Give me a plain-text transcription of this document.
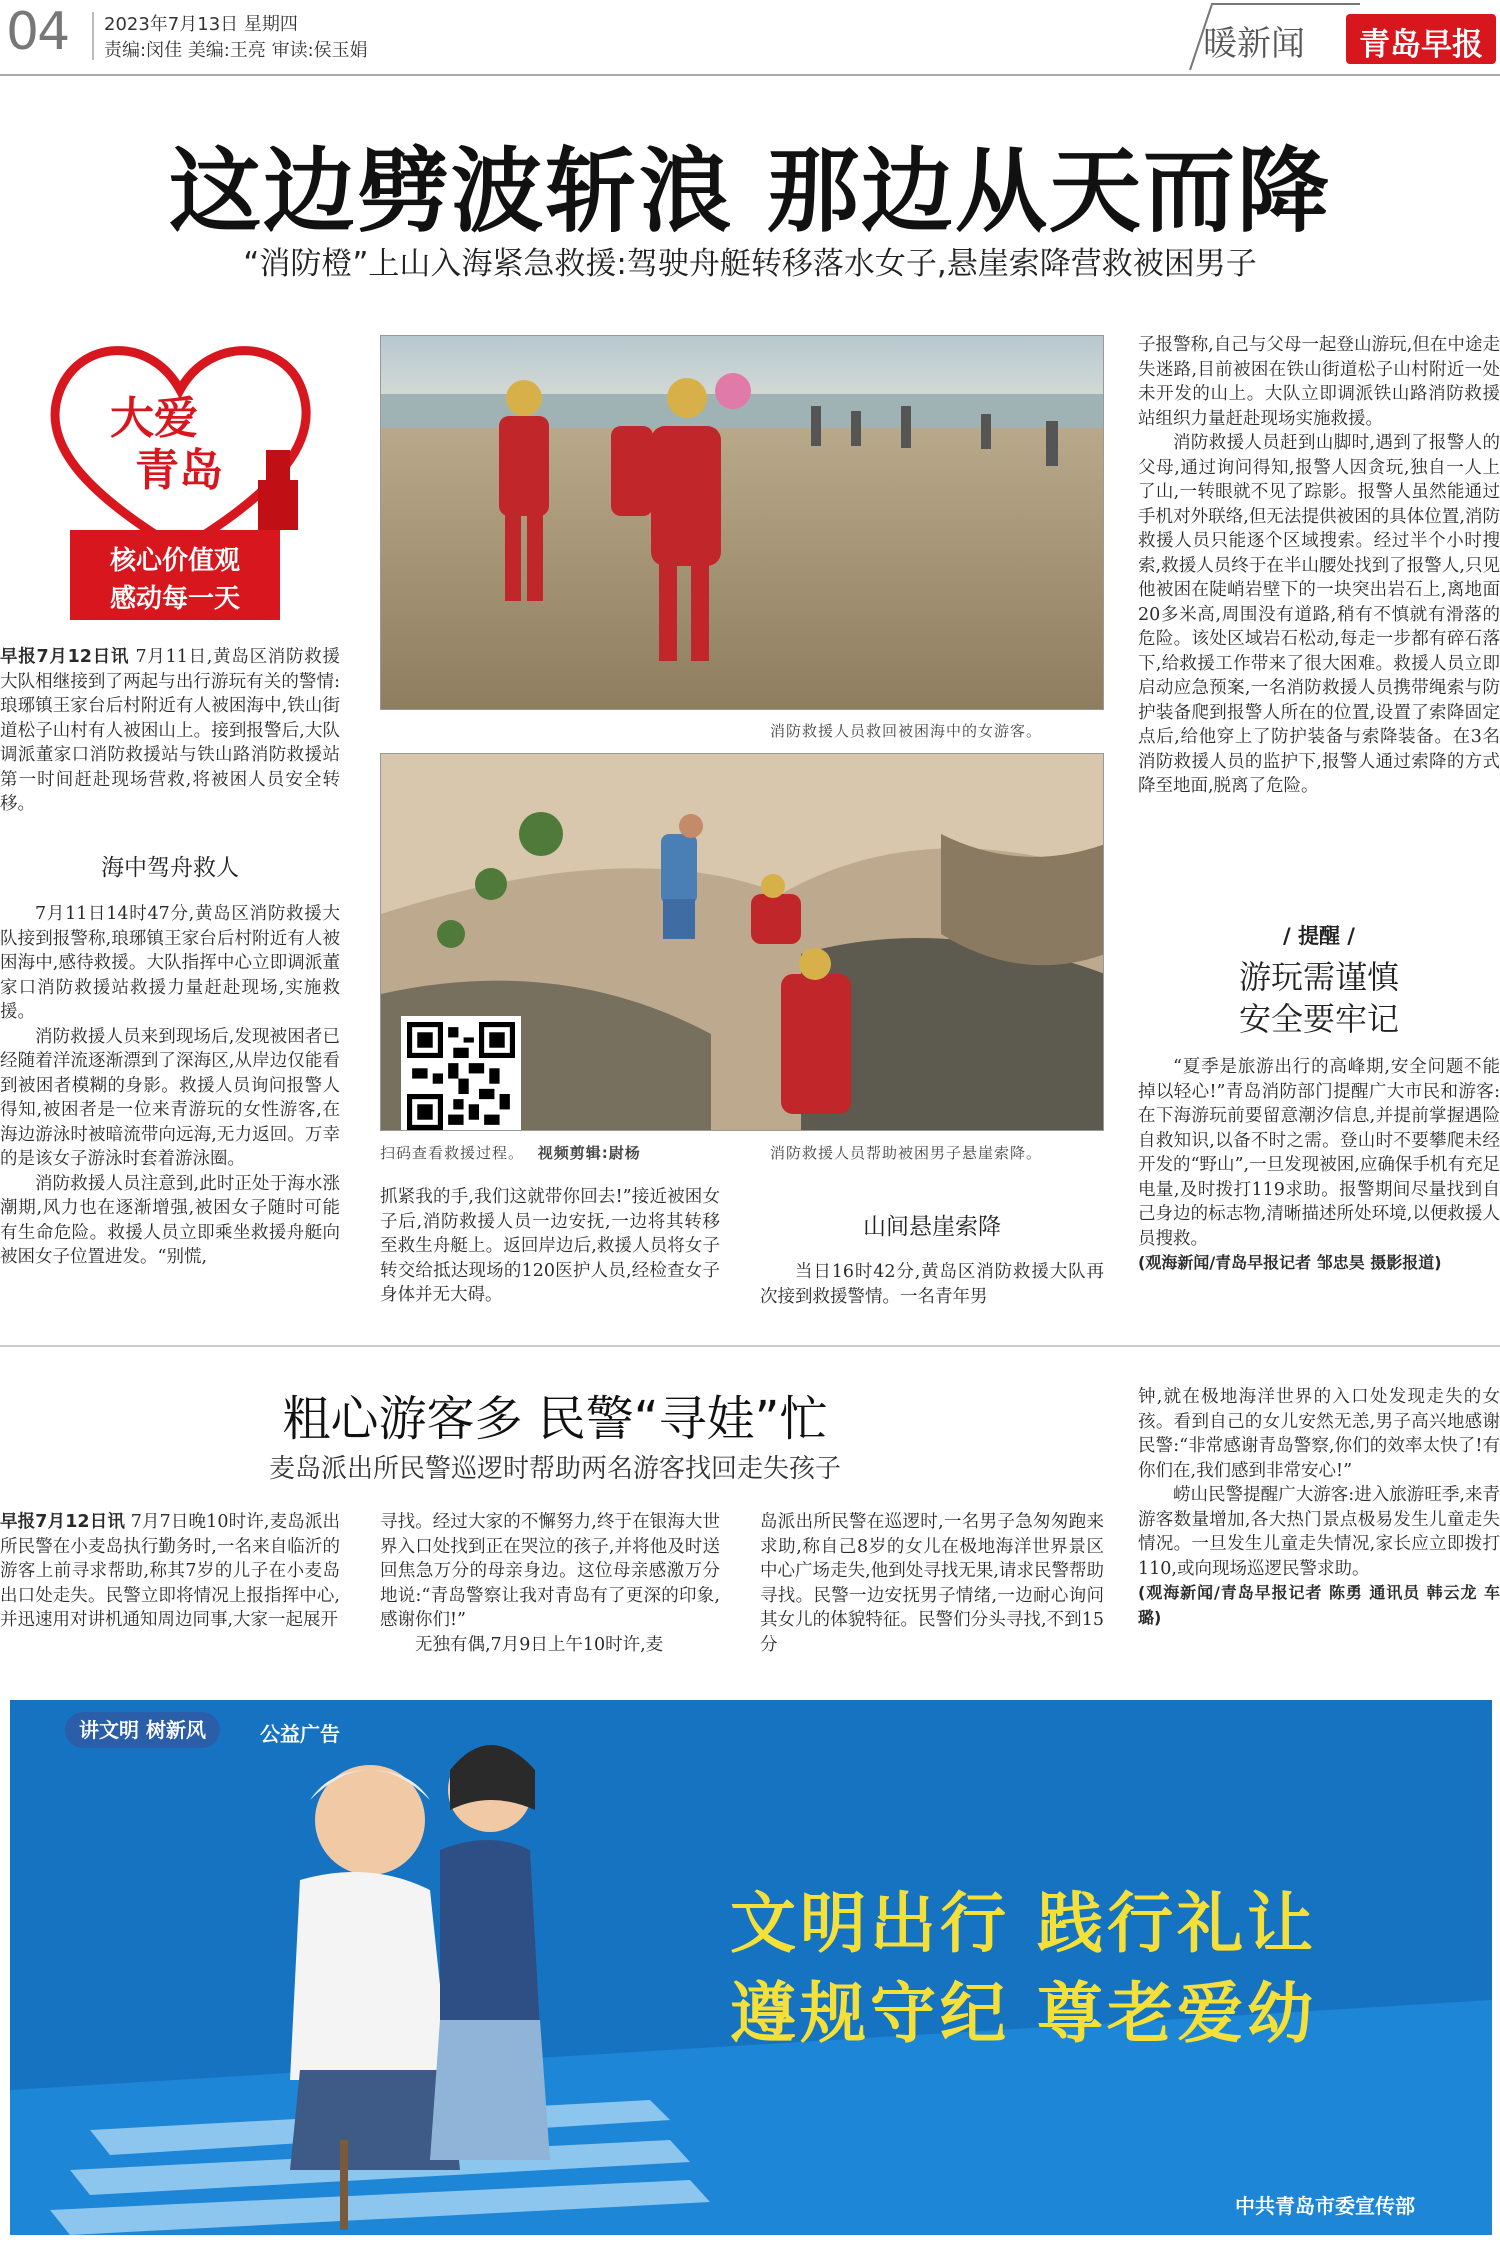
04 2023年7月13日 星期四
责编:闵佳 美编:王亮 审读:侯玉娟	暖新闻	青岛早报
这边劈波斩浪 那边从天而降
“消防橙”上山入海紧急救援:驾驶舟艇转移落水女子,悬崖索降营救被困男子
大爱
青岛
核心价值观
感动每一天

早报7月12日讯 7月11日,黄岛区消防救援大队相继接到了两起与出行游玩有关的警情:琅琊镇王家台后村附近有人被困海中,铁山街道松子山村有人被困山上。接到报警后,大队调派董家口消防救援站与铁山路消防救援站第一时间赶赴现场营救,将被困人员安全转移。

海中驾舟救人

7月11日14时47分,黄岛区消防救援大队接到报警称,琅琊镇王家台后村附近有人被困海中,感待救援。大队指挥中心立即调派董家口消防救援站救援力量赶赴现场,实施救援。

消防救援人员来到现场后,发现被困者已经随着洋流逐渐漂到了深海区,从岸边仅能看到被困者模糊的身影。救援人员询问报警人得知,被困者是一位来青游玩的女性游客,在海边游泳时被暗流带向远海,无力返回。万幸的是该女子游泳时套着游泳圈。

消防救援人员注意到,此时正处于海水涨潮期,风力也在逐渐增强,被困女子随时可能有生命危险。救援人员立即乘坐救援舟艇向被困女子位置进发。“别慌,

消防救援人员救回被困海中的女游客。
扫码查看救援过程。 视频剪辑:尉杨	消防救援人员帮助被困男子悬崖索降。

抓紧我的手,我们这就带你回去!”接近被困女子后,消防救援人员一边安抚,一边将其转移至救生舟艇上。返回岸边后,救援人员将女子转交给抵达现场的120医护人员,经检查女子身体并无大碍。

山间悬崖索降

当日16时42分,黄岛区消防救援大队再次接到救援警情。一名青年男

子报警称,自己与父母一起登山游玩,但在中途走失迷路,目前被困在铁山街道松子山村附近一处未开发的山上。大队立即调派铁山路消防救援站组织力量赶赴现场实施救援。

消防救援人员赶到山脚时,遇到了报警人的父母,通过询问得知,报警人因贪玩,独自一人上了山,一转眼就不见了踪影。报警人虽然能通过手机对外联络,但无法提供被困的具体位置,消防救援人员只能逐个区域搜索。经过半个小时搜索,救援人员终于在半山腰处找到了报警人,只见他被困在陡峭岩壁下的一块突出岩石上,离地面20多米高,周围没有道路,稍有不慎就有滑落的危险。该处区域岩石松动,每走一步都有碎石落下,给救援工作带来了很大困难。救援人员立即启动应急预案,一名消防救援人员携带绳索与防护装备爬到报警人所在的位置,设置了索降固定点后,给他穿上了防护装备与索降装备。在3名消防救援人员的监护下,报警人通过索降的方式降至地面,脱离了危险。

/ 提醒 /
游玩需谨慎
安全要牢记

“夏季是旅游出行的高峰期,安全问题不能掉以轻心!”青岛消防部门提醒广大市民和游客:在下海游玩前要留意潮汐信息,并提前掌握遇险自救知识,以备不时之需。登山时不要攀爬未经开发的“野山”,一旦发现被困,应确保手机有充足电量,及时拨打119求助。报警期间尽量找到自己身边的标志物,清晰描述所处环境,以便救援人员搜救。

(观海新闻/青岛早报记者 邹忠昊 摄影报道)

粗心游客多 民警“寻娃”忙
麦岛派出所民警巡逻时帮助两名游客找回走失孩子

早报7月12日讯 7月7日晚10时许,麦岛派出所民警在小麦岛执行勤务时,一名来自临沂的游客上前寻求帮助,称其7岁的儿子在小麦岛出口处走失。民警立即将情况上报指挥中心,并迅速用对讲机通知周边同事,大家一起展开

寻找。经过大家的不懈努力,终于在银海大世界入口处找到正在哭泣的孩子,并将他及时送回焦急万分的母亲身边。这位母亲感激万分地说:“青岛警察让我对青岛有了更深的印象,感谢你们!”

无独有偶,7月9日上午10时许,麦

岛派出所民警在巡逻时,一名男子急匆匆跑来求助,称自己8岁的女儿在极地海洋世界景区中心广场走失,他到处寻找无果,请求民警帮助寻找。民警一边安抚男子情绪,一边耐心询问其女儿的体貌特征。民警们分头寻找,不到15分

钟,就在极地海洋世界的入口处发现走失的女孩。看到自己的女儿安然无恙,男子高兴地感谢民警:“非常感谢青岛警察,你们的效率太快了!有你们在,我们感到非常安心!”

崂山民警提醒广大游客:进入旅游旺季,来青游客数量增加,各大热门景点极易发生儿童走失情况。一旦发生儿童走失情况,家长应立即拨打110,或向现场巡逻民警求助。

(观海新闻/青岛早报记者 陈勇 通讯员 韩云龙 车璐)

讲文明 树新风	公益广告
文明出行 践行礼让
遵规守纪 尊老爱幼
中共青岛市委宣传部
